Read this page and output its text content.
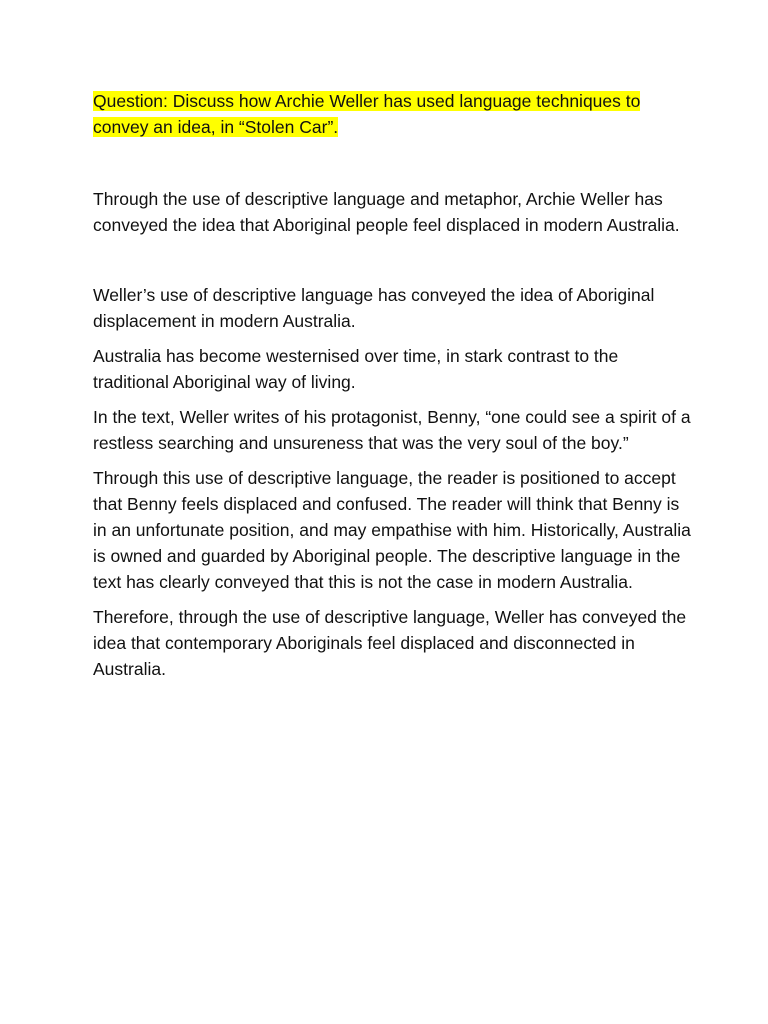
Question: Discuss how Archie Weller has used language techniques to convey an idea, in “Stolen Car”.

Through the use of descriptive language and metaphor, Archie Weller has conveyed the idea that Aboriginal people feel displaced in modern Australia.

Weller’s use of descriptive language has conveyed the idea of Aboriginal displacement in modern Australia.

Australia has become westernised over time, in stark contrast to the traditional Aboriginal way of living.

In the text, Weller writes of his protagonist, Benny, “one could see a spirit of a restless searching and unsureness that was the very soul of the boy.”

Through this use of descriptive language, the reader is positioned to accept that Benny feels displaced and confused. The reader will think that Benny is in an unfortunate position, and may empathise with him. Historically, Australia is owned and guarded by Aboriginal people. The descriptive language in the text has clearly conveyed that this is not the case in modern Australia.

Therefore, through the use of descriptive language, Weller has conveyed the idea that contemporary Aboriginals feel displaced and disconnected in Australia.
